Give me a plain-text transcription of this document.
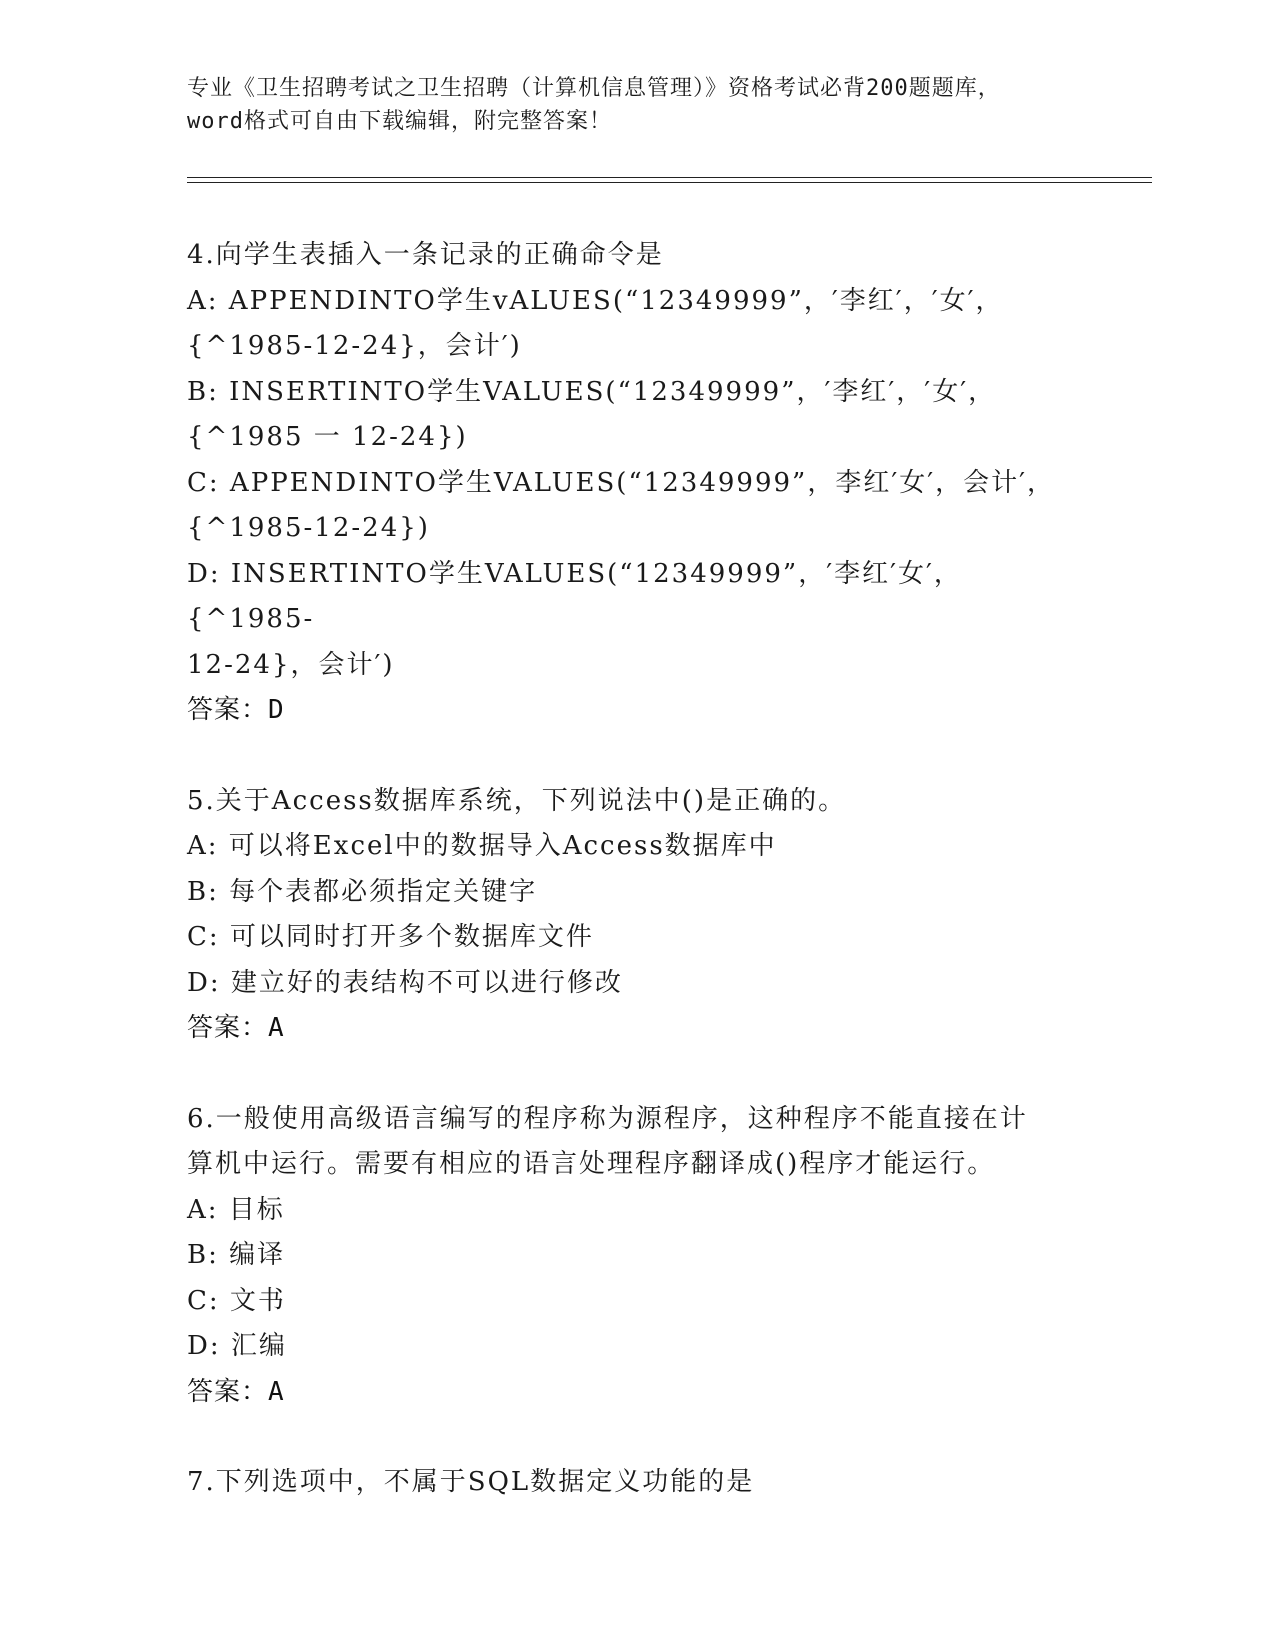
专业《卫生招聘考试之卫生招聘（计算机信息管理）》资格考试必背200题题库，
word格式可自由下载编辑，附完整答案！

4.向学生表插入一条记录的正确命令是

A: APPENDINTO学生vALUES(“12349999”，′李红′，′女′，

{^1985-12-24}，会计′)

B: INSERTINTO学生VALUES(“12349999”，′李红′，′女′，

{^1985 一 12-24})

C: APPENDINTO学生VALUES(“12349999”，李红′女′，会计′，

{^1985-12-24})

D: INSERTINTO学生VALUES(“12349999”，′李红′女′，{^1985-

12-24}，会计′)

答案：D

5.关于Access数据库系统，下列说法中()是正确的。

A: 可以将Excel中的数据导入Access数据库中

B: 每个表都必须指定关键字

C: 可以同时打开多个数据库文件

D: 建立好的表结构不可以进行修改

答案：A

6.一般使用高级语言编写的程序称为源程序，这种程序不能直接在计

算机中运行。需要有相应的语言处理程序翻译成()程序才能运行。

A: 目标

B: 编译

C: 文书

D: 汇编

答案：A

7.下列选项中，不属于SQL数据定义功能的是
